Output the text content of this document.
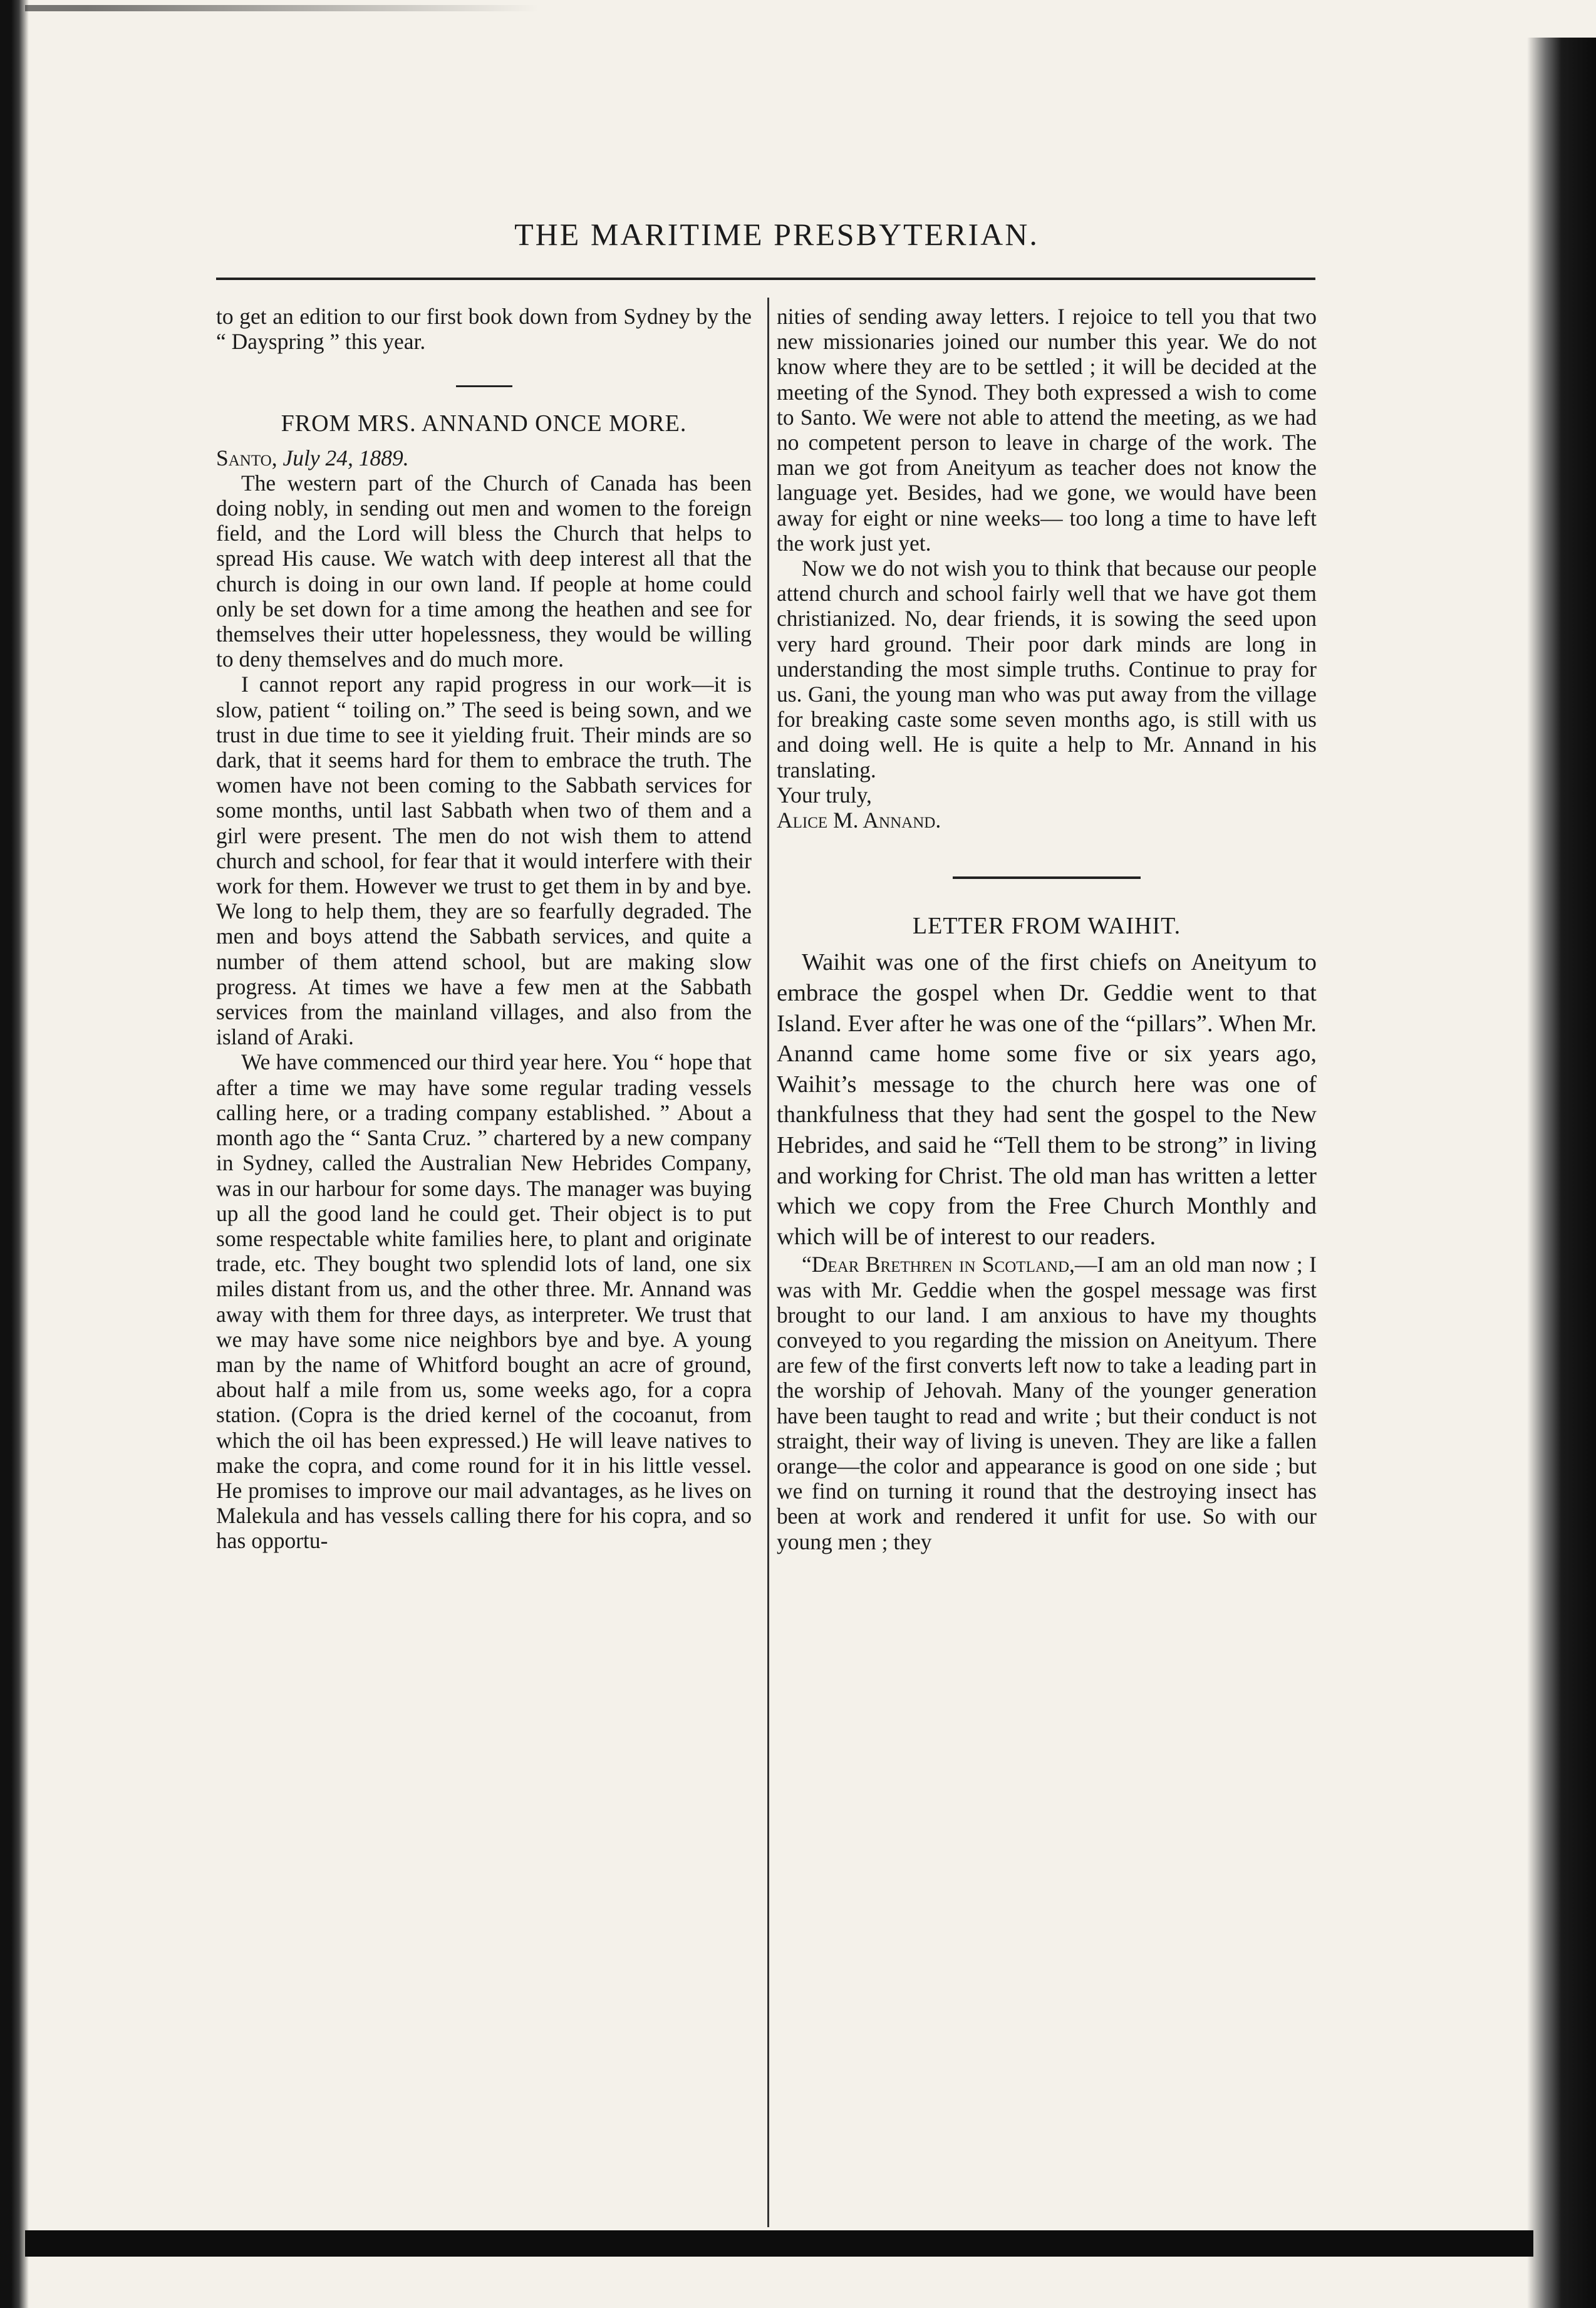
THE MARITIME PRESBYTERIAN.

to get an edition to our first book down from Sydney by the “ Dayspring ” this year.

FROM MRS. ANNAND ONCE MORE.

Santo, July 24, 1889.

The western part of the Church of Canada has been doing nobly, in sending out men and women to the foreign field, and the Lord will bless the Church that helps to spread His cause. We watch with deep interest all that the church is doing in our own land. If people at home could only be set down for a time among the heathen and see for themselves their utter hopelessness, they would be willing to deny themselves and do much more.

I cannot report any rapid progress in our work—it is slow, patient “ toiling on.” The seed is being sown, and we trust in due time to see it yielding fruit. Their minds are so dark, that it seems hard for them to embrace the truth. The women have not been coming to the Sabbath services for some months, until last Sabbath when two of them and a girl were present. The men do not wish them to attend church and school, for fear that it would interfere with their work for them. However we trust to get them in by and bye. We long to help them, they are so fearfully degraded. The men and boys attend the Sabbath services, and quite a number of them attend school, but are making slow progress. At times we have a few men at the Sabbath services from the mainland villages, and also from the island of Araki.

We have commenced our third year here. You “ hope that after a time we may have some regular trading vessels calling here, or a trading company established. ” About a month ago the “ Santa Cruz. ” chartered by a new company in Sydney, called the Australian New Hebrides Company, was in our harbour for some days. The manager was buying up all the good land he could get. Their object is to put some respectable white families here, to plant and originate trade, etc. They bought two splendid lots of land, one six miles distant from us, and the other three. Mr. Annand was away with them for three days, as interpreter. We trust that we may have some nice neighbors bye and bye. A young man by the name of Whitford bought an acre of ground, about half a mile from us, some weeks ago, for a copra station. (Copra is the dried kernel of the cocoanut, from which the oil has been expressed.) He will leave natives to make the copra, and come round for it in his little vessel. He promises to improve our mail advantages, as he lives on Malekula and has vessels calling there for his copra, and so has opportu-

nities of sending away letters. I rejoice to tell you that two new missionaries joined our number this year. We do not know where they are to be settled ; it will be decided at the meeting of the Synod. They both expressed a wish to come to Santo. We were not able to attend the meeting, as we had no competent person to leave in charge of the work. The man we got from Aneityum as teacher does not know the language yet. Besides, had we gone, we would have been away for eight or nine weeks— too long a time to have left the work just yet.

Now we do not wish you to think that because our people attend church and school fairly well that we have got them christianized. No, dear friends, it is sowing the seed upon very hard ground. Their poor dark minds are long in understanding the most simple truths. Continue to pray for us. Gani, the young man who was put away from the village for breaking caste some seven months ago, is still with us and doing well. He is quite a help to Mr. Annand in his translating.

Your truly,

Alice M. Annand.

LETTER FROM WAIHIT.

Waihit was one of the first chiefs on Aneityum to embrace the gospel when Dr. Geddie went to that Island. Ever after he was one of the “pillars”. When Mr. Anannd came home some five or six years ago, Waihit’s message to the church here was one of thankfulness that they had sent the gospel to the New Hebrides, and said he “Tell them to be strong” in living and working for Christ. The old man has written a letter which we copy from the Free Church Monthly and which will be of interest to our readers.

“Dear Brethren in Scotland,—I am an old man now ; I was with Mr. Geddie when the gospel message was first brought to our land. I am anxious to have my thoughts conveyed to you regarding the mission on Aneityum. There are few of the first converts left now to take a leading part in the worship of Jehovah. Many of the younger generation have been taught to read and write ; but their conduct is not straight, their way of living is uneven. They are like a fallen orange—the color and appearance is good on one side ; but we find on turning it round that the destroying insect has been at work and rendered it unfit for use. So with our young men ; they
